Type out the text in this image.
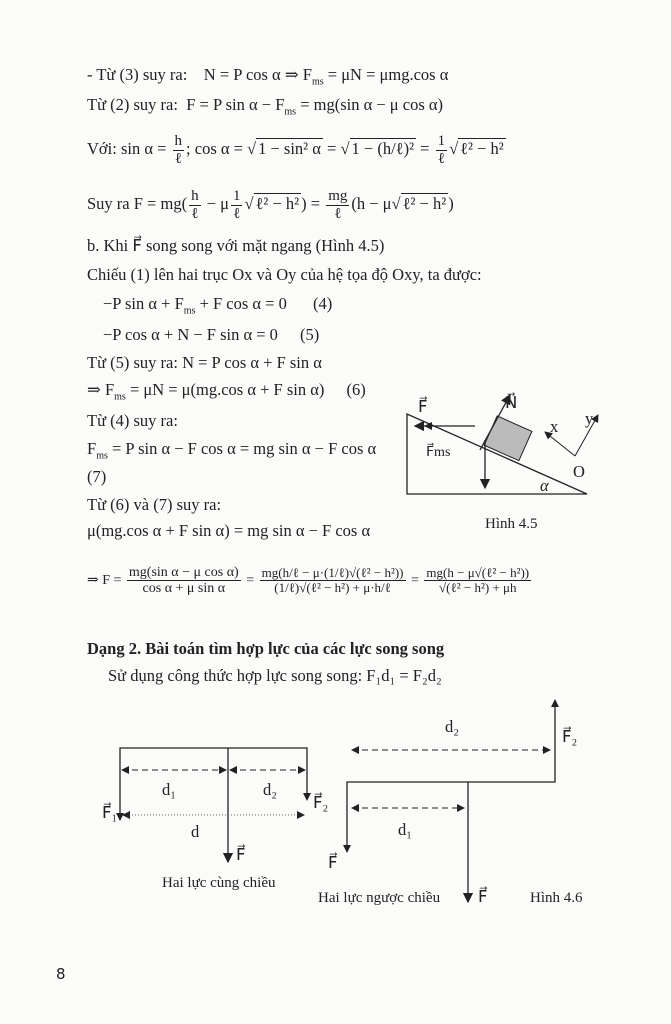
- Từ (3) suy ra: N = P cos α ⇒ $F_{ms} = \mu N = \mu mg.\cos$ α
Từ (2) suy ra: F = P $\sin \alpha - F_{ms} = mg(\sin$ α − μ cos α)
Với: $\sin \alpha = \frac{h}{\text{ℓ}}$ ; cos α = √ 1 − sin² α = √ 1 − (h/ℓ)² = $\frac{1}{\text{ℓ}}$ √ ℓ² − h²
Suy ra $F = mg( \frac{h}{\text{ℓ}} - \mu \frac{1}{\text{ℓ}}$ √ ℓ² − h² ) = $\frac{mg}{\text{ℓ}} (h - \mu√$ ℓ² − h² )
b. Khi F⃗ song song với mặt ngang (Hình 4.5)
Chiếu (1) lên hai trục Ox và Oy của hệ tọa độ Oxy, ta được:
−P $\sin \alpha + F_{ms} + F$ cos α = 0 (4)
−P cos α + N − F sin α = 0 (5)
Từ (5) suy ra: N = P cos α + F sin α
⇒ $F_{ms} = \mu N = \mu(mg.\cos$ α + F sin α) (6)
Từ (4) suy ra:
$F_{ms} = P$ sin α − F cos α = mg sin α − F cos α
(7)
Từ (6) và (7) suy ra:
μ(mg.cos α + F sin α) = mg sin α − F cos α
⇒ $F = \frac{\text{mg(sin α − μ cos α)}}{\text{cos α + μ sin α}} = \frac{\text{mg(h/ℓ − μ·(1/ℓ)√(ℓ² − h²))}}{\text{(1/ℓ)√(ℓ² − h²) + μ·h/ℓ}} = \frac{\text{mg(h − μ√(ℓ² − h²))}}{\text{√(ℓ² − h²) + μh}}$
Dạng 2. Bài toán tìm hợp lực của các lực song song
Sử dụng công thức hợp lực song song: F₁d₁ = F₂d₂
F⃗	N⃗
F⃗ms
x y
O
α
Hình 4.5
d₁	d₂
d
F⃗₁
F⃗₂
F⃗
Hai lực cùng chiều
d₂
d₁
F⃗₂
F⃗
F⃗
Hai lực ngược chiều	Hình 4.6
8
